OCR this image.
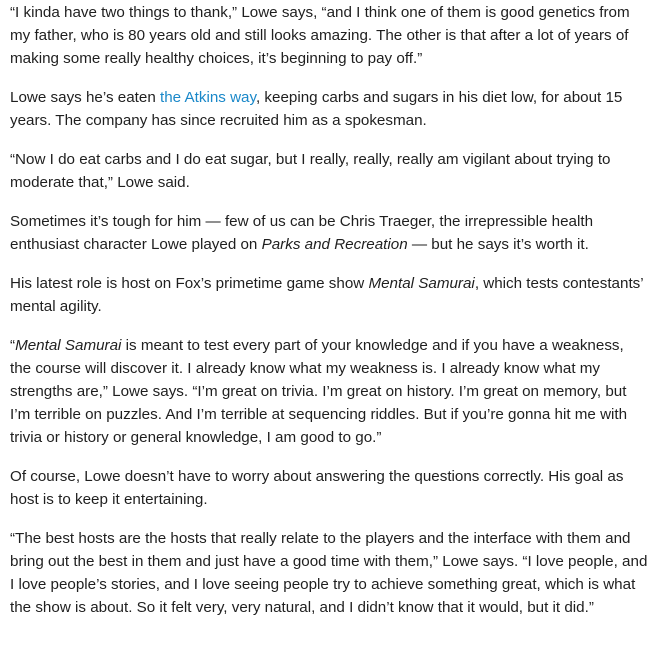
“I kinda have two things to thank,” Lowe says, “and I think one of them is good genetics from my father, who is 80 years old and still looks amazing. The other is that after a lot of years of making some really healthy choices, it’s beginning to pay off.”

Lowe says he’s eaten the Atkins way, keeping carbs and sugars in his diet low, for about 15 years. The company has since recruited him as a spokesman.

“Now I do eat carbs and I do eat sugar, but I really, really, really am vigilant about trying to moderate that,” Lowe said.

Sometimes it’s tough for him — few of us can be Chris Traeger, the irrepressible health enthusiast character Lowe played on Parks and Recreation — but he says it’s worth it.

His latest role is host on Fox’s primetime game show Mental Samurai, which tests contestants’ mental agility.

“Mental Samurai is meant to test every part of your knowledge and if you have a weakness, the course will discover it. I already know what my weakness is. I already know what my strengths are,” Lowe says. “I’m great on trivia. I’m great on history. I’m great on memory, but I’m terrible on puzzles. And I’m terrible at sequencing riddles. But if you’re gonna hit me with trivia or history or general knowledge, I am good to go.”

Of course, Lowe doesn’t have to worry about answering the questions correctly. His goal as host is to keep it entertaining.

“The best hosts are the hosts that really relate to the players and the interface with them and bring out the best in them and just have a good time with them,” Lowe says. “I love people, and I love people’s stories, and I love seeing people try to achieve something great, which is what the show is about. So it felt very, very natural, and I didn’t know that it would, but it did.”
